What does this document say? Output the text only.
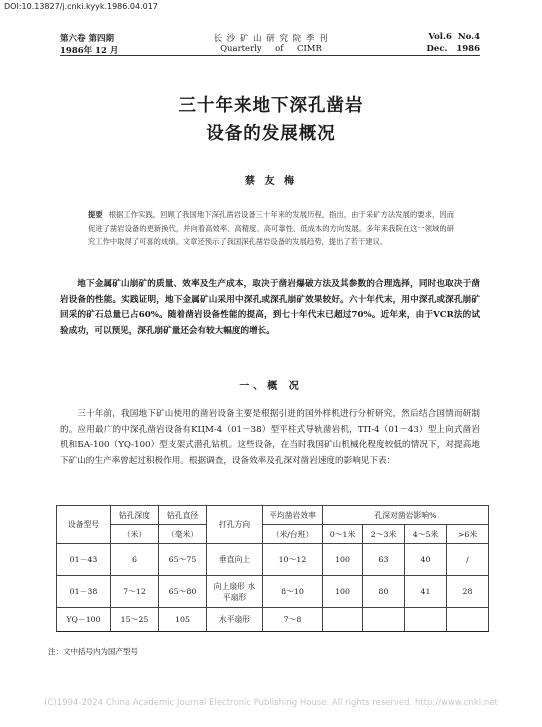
DOI:10.13827/j.cnki.kyyk.1986.04.017
第六卷 第四期
1986年 12 月
长 沙 矿 山 研 究 院 季 刊
Quarterly     of     CIMR
Vol.6  No.4
Dec.   1986
三十年来地下深孔凿岩
设备的发展概况
蔡 友 梅
提要 根据工作实践，回顾了我国地下深孔凿岩设备三十年来的发展历程，指出，由于采矿方法发展的要求，因而促进了凿岩设备的更新换代，并向着高效率、高精度、高可靠性、低成本的方向发展。多年来我院在这一领域的研究工作中取得了可喜的成绩。文章还预示了我国深孔凿岩设备的发展趋势，提出了若干建议。
地下金属矿山崩矿的质量、效率及生产成本，取决于凿岩爆破方法及其参数的合理选择，同时也取决于凿岩设备的性能。实践证明，地下金属矿山采用中深孔或深孔崩矿效果较好。六十年代末，用中深孔或深孔崩矿回采的矿石总量已占60%。随着凿岩设备性能的提高，到七十年代末已超过70%。近年来，由于VCR法的试验成功，可以预见，深孔崩矿量还会有较大幅度的增长。
一、概 况
三十年前，我国地下矿山使用的凿岩设备主要是根据引进的国外样机进行分析研究，然后结合国情而研制的。应用最广的中深孔凿岩设备有KЦМ-4（01－38）型平柱式导轨凿岩机，ТП-4（01－43）型上向式凿岩机和БА-100（YQ-100）型支架式潜孔钻机。这些设备，在当时我国矿山机械化程度较低的情况下，对提高地下矿山的生产率曾起过积极作用。根据调查，设备效率及孔深对凿岩速度的影响见下表：
设备型号	钻孔深度	钻孔直径	打孔方向	平均凿岩效率	孔深对凿岩影响%			
	（米）	（毫米）		（米/台班）	0～1米	2～3米	4～5米	>6米
01－43	6	65～75	垂直向上	10～12	100	63	40	/
01－38	7～12	65～80	向上扇形 水平扇形	8～10	100	80	41	28
YQ－100	15～25	105	水平扇形	7～8				
注：文中括号内为国产型号
(C)1994-2024 China Academic Journal Electronic Publishing House. All rights reserved. http://www.cnki.net
